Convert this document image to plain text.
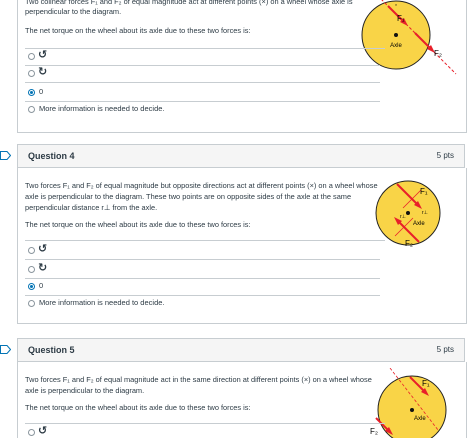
Two colinear forces F₁ and F₂ of equal magnitude act at different points (×) on a wheel whose axle is
perpendicular to the diagram.
The net torque on the wheel about its axle due to these two forces is:
×
F₁
Axle
F₂
↺
↻
0
More information is needed to decide.
Question 4	5 pts
Two forces F₁ and F₂ of equal magnitude but opposite directions act at different points (×) on a wheel whose
axle is perpendicular to the diagram. These two points are on opposite sides of the axle at the same
perpendicular distance r⊥ from the axle.
The net torque on the wheel about its axle due to these two forces is:
F₁
r⊥
r⊥
Axle
F₂
↺
↻
0
More information is needed to decide.
Question 5	5 pts
Two forces F₁ and F₂ of equal magnitude act in the same direction at different points (×) on a wheel whose
axle is perpendicular to the diagram.
The net torque on the wheel about its axle due to these two forces is:
F₁
Axle
F₂
↺
